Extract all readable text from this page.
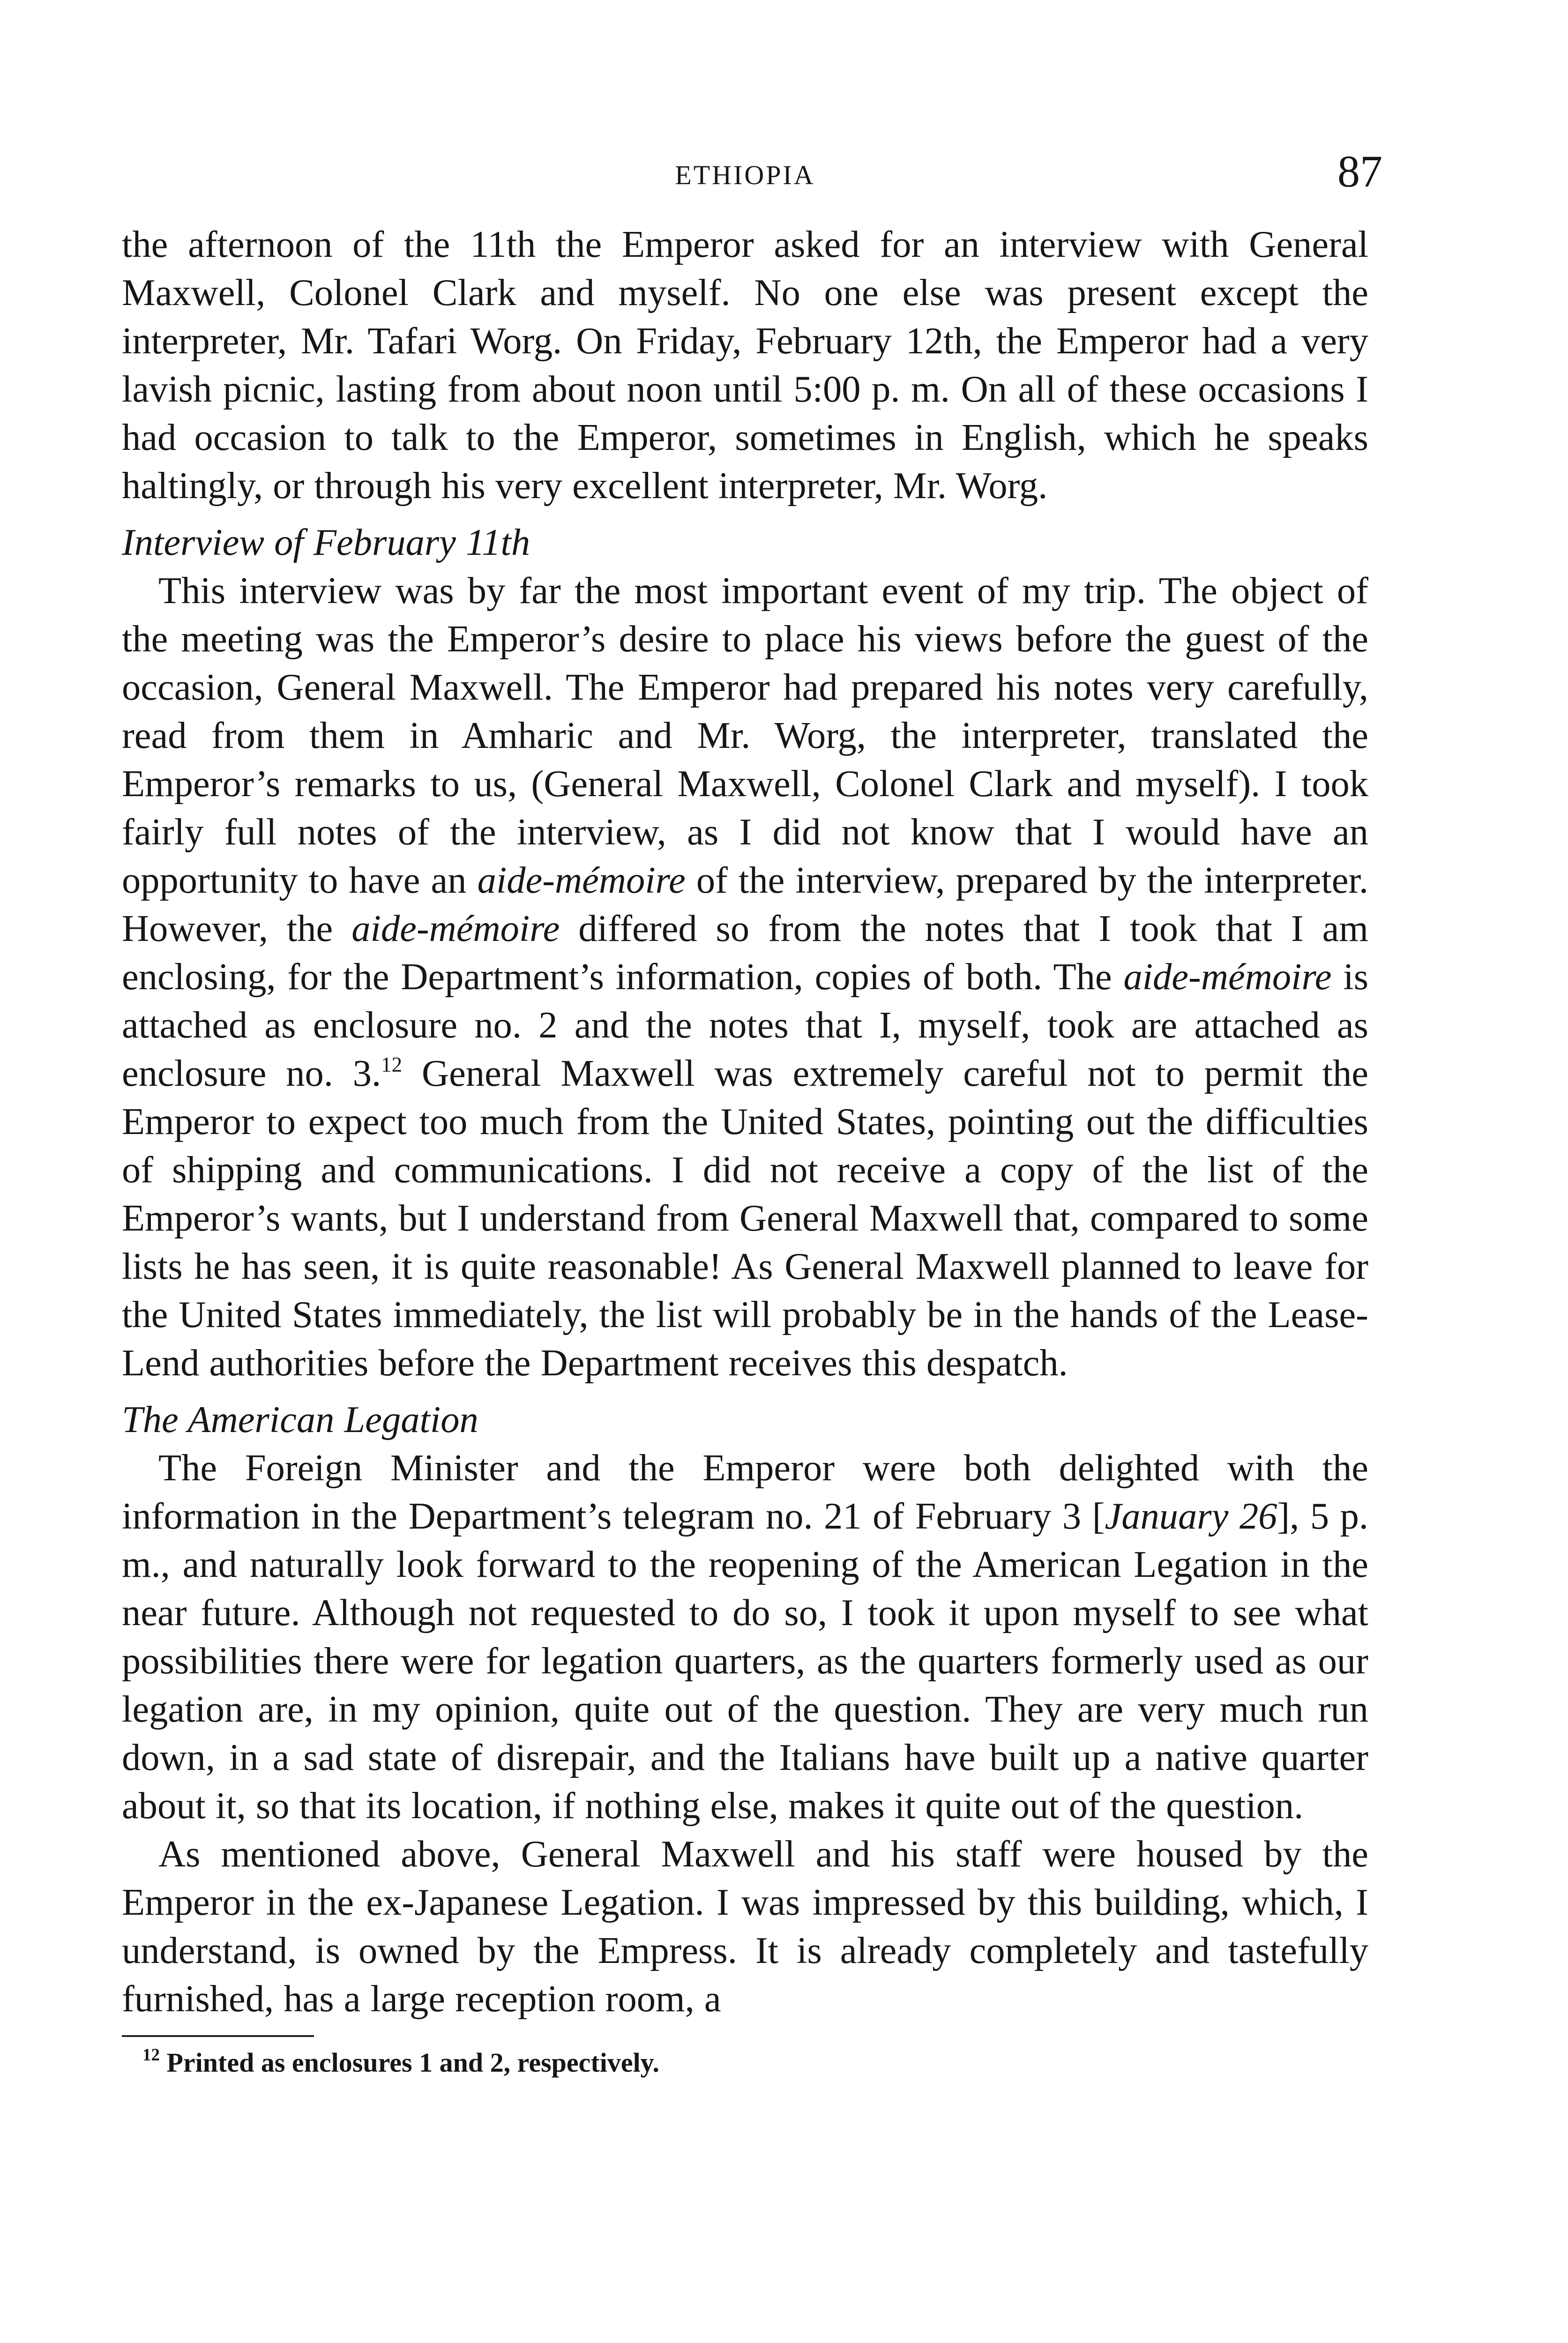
ETHIOPIA	87

the afternoon of the 11th the Emperor asked for an interview with General Maxwell, Colonel Clark and myself. No one else was present except the interpreter, Mr. Tafari Worg. On Friday, February 12th, the Emperor had a very lavish picnic, lasting from about noon until 5:00 p. m. On all of these occasions I had occasion to talk to the Emperor, sometimes in English, which he speaks haltingly, or through his very excellent interpreter, Mr. Worg.

Interview of February 11th

This interview was by far the most important event of my trip. The object of the meeting was the Emperor’s desire to place his views before the guest of the occasion, General Maxwell. The Emperor had prepared his notes very carefully, read from them in Amharic and Mr. Worg, the interpreter, translated the Emperor’s remarks to us, (General Maxwell, Colonel Clark and myself). I took fairly full notes of the interview, as I did not know that I would have an opportunity to have an aide-mémoire of the interview, prepared by the interpreter. However, the aide-mémoire differed so from the notes that I took that I am enclosing, for the Department’s information, copies of both. The aide-mémoire is attached as enclosure no. 2 and the notes that I, myself, took are attached as enclosure no. 3.12 General Maxwell was extremely careful not to permit the Emperor to expect too much from the United States, pointing out the difficulties of shipping and communications. I did not receive a copy of the list of the Emperor’s wants, but I understand from General Maxwell that, compared to some lists he has seen, it is quite reasonable! As General Maxwell planned to leave for the United States immediately, the list will probably be in the hands of the Lease-Lend authorities before the Department receives this despatch.

The American Legation

The Foreign Minister and the Emperor were both delighted with the information in the Department’s telegram no. 21 of February 3 [January 26], 5 p. m., and naturally look forward to the reopening of the American Legation in the near future. Although not requested to do so, I took it upon myself to see what possibilities there were for legation quarters, as the quarters formerly used as our legation are, in my opinion, quite out of the question. They are very much run down, in a sad state of disrepair, and the Italians have built up a native quarter about it, so that its location, if nothing else, makes it quite out of the question.

As mentioned above, General Maxwell and his staff were housed by the Emperor in the ex-Japanese Legation. I was impressed by this building, which, I understand, is owned by the Empress. It is already completely and tastefully furnished, has a large reception room, a

$^{12}$ Printed as enclosures 1 and 2, respectively.
